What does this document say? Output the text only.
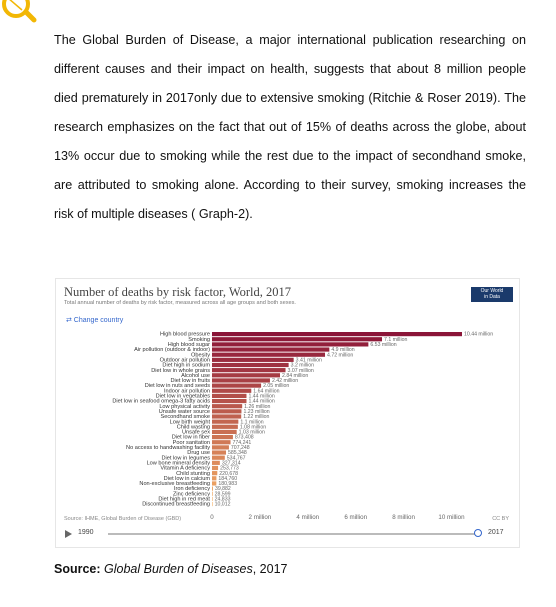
The Global Burden of Disease, a major international publication researching on different causes and their impact on health, suggests that about 8 million people died prematurely in 2017only due to extensive smoking (Ritchie & Roser 2019). The research emphasizes on the fact that out of 15% of deaths across the globe, about 13% occur due to smoking while the rest due to the impact of secondhand smoke, are attributed to smoking alone. According to their survey, smoking increases the risk of multiple diseases ( Graph-2).

Number of deaths by risk factor, World, 2017
Total annual number of deaths by risk factor, measured across all age groups and both sexes.
Our World
in Data
⇄ Change country
High blood pressure	10.44 million
Smoking	7.1 million
High blood sugar	6.53 million
Air pollution (outdoor & indoor)	4.9 million
Obesity	4.72 million
Outdoor air pollution	3.41 million
Diet high in sodium	3.2 million
Diet low in whole grains	3.07 million
Alcohol use	2.84 million
Diet low in fruits	2.42 million
Diet low in nuts and seeds	2.05 million
Indoor air pollution	1.64 million
Diet low in vegetables	1.44 million
Diet low in seafood omega-3 fatty acids	1.44 million
Low physical activity	1.26 million
Unsafe water source	1.23 million
Secondhand smoke	1.22 million
Low birth weight	1.1 million
Child wasting	1.08 million
Unsafe sex	1.03 million
Diet low in fiber	873,408
Poor sanitation	774,241
No access to handwashing facility	707,248
Drug use	585,348
Diet low in legumes	534,767
Low bone mineral density 327,314
Vitamin A deficiency 253,773
Child stunting 220,678
Diet low in calcium 184,760
Non-exclusive breastfeeding 180,983
Iron deficiency 39,882
Zinc deficiency 28,599
Diet high in red meat 24,833
Discontinued breastfeeding 10,012
0	2 million	4 million	6 million	8 million	10 million
Source: IHME, Global Burden of Disease (GBD)	CC BY
1990	2017
Source: Global Burden of Diseases, 2017
